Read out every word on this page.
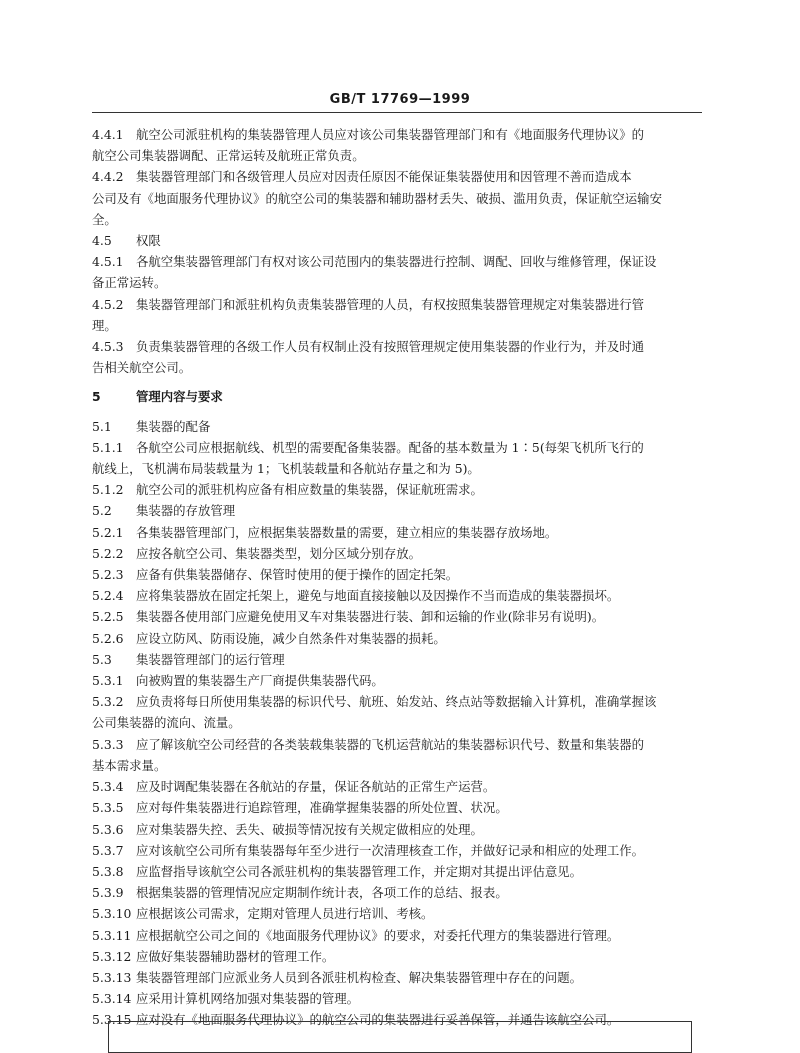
GB/T 17769—1999
4.4.1 航空公司派驻机构的集装器管理人员应对该公司集装器管理部门和有《地面服务代理协议》的
航空公司集装器调配、正常运转及航班正常负责。
4.4.2 集装器管理部门和各级管理人员应对因责任原因不能保证集装器使用和因管理不善而造成本
公司及有《地面服务代理协议》的航空公司的集装器和辅助器材丢失、破损、滥用负责，保证航空运输安
全。
4.5 权限
4.5.1 各航空集装器管理部门有权对该公司范围内的集装器进行控制、调配、回收与维修管理，保证设
备正常运转。
4.5.2 集装器管理部门和派驻机构负责集装器管理的人员，有权按照集装器管理规定对集装器进行管
理。
4.5.3 负责集装器管理的各级工作人员有权制止没有按照管理规定使用集装器的作业行为，并及时通
告相关航空公司。
5	管理内容与要求
5.1 集装器的配备
5.1.1 各航空公司应根据航线、机型的需要配备集装器。配备的基本数量为 1∶5(每架飞机所飞行的
航线上，飞机满布局装载量为 1；飞机装载量和各航站存量之和为 5)。
5.1.2 航空公司的派驻机构应备有相应数量的集装器，保证航班需求。
5.2 集装器的存放管理
5.2.1 各集装器管理部门，应根据集装器数量的需要，建立相应的集装器存放场地。
5.2.2 应按各航空公司、集装器类型，划分区域分别存放。
5.2.3 应备有供集装器储存、保管时使用的便于操作的固定托架。
5.2.4 应将集装器放在固定托架上，避免与地面直接接触以及因操作不当而造成的集装器损坏。
5.2.5 集装器各使用部门应避免使用叉车对集装器进行装、卸和运输的作业(除非另有说明)。
5.2.6 应设立防风、防雨设施，减少自然条件对集装器的损耗。
5.3 集装器管理部门的运行管理
5.3.1 向被购置的集装器生产厂商提供集装器代码。
5.3.2 应负责将每日所使用集装器的标识代号、航班、始发站、终点站等数据输入计算机，准确掌握该
公司集装器的流向、流量。
5.3.3 应了解该航空公司经营的各类装载集装器的飞机运营航站的集装器标识代号、数量和集装器的
基本需求量。
5.3.4 应及时调配集装器在各航站的存量，保证各航站的正常生产运营。
5.3.5 应对每件集装器进行追踪管理，准确掌握集装器的所处位置、状况。
5.3.6 应对集装器失控、丢失、破损等情况按有关规定做相应的处理。
5.3.7 应对该航空公司所有集装器每年至少进行一次清理核查工作，并做好记录和相应的处理工作。
5.3.8 应监督指导该航空公司各派驻机构的集装器管理工作，并定期对其提出评估意见。
5.3.9 根据集装器的管理情况应定期制作统计表，各项工作的总结、报表。
5.3.10 应根据该公司需求，定期对管理人员进行培训、考核。
5.3.11 应根据航空公司之间的《地面服务代理协议》的要求，对委托代理方的集装器进行管理。
5.3.12 应做好集装器辅助器材的管理工作。
5.3.13 集装器管理部门应派业务人员到各派驻机构检查、解决集装器管理中存在的问题。
5.3.14 应采用计算机网络加强对集装器的管理。
5.3.15 应对没有《地面服务代理协议》的航空公司的集装器进行妥善保管，并通告该航空公司。
